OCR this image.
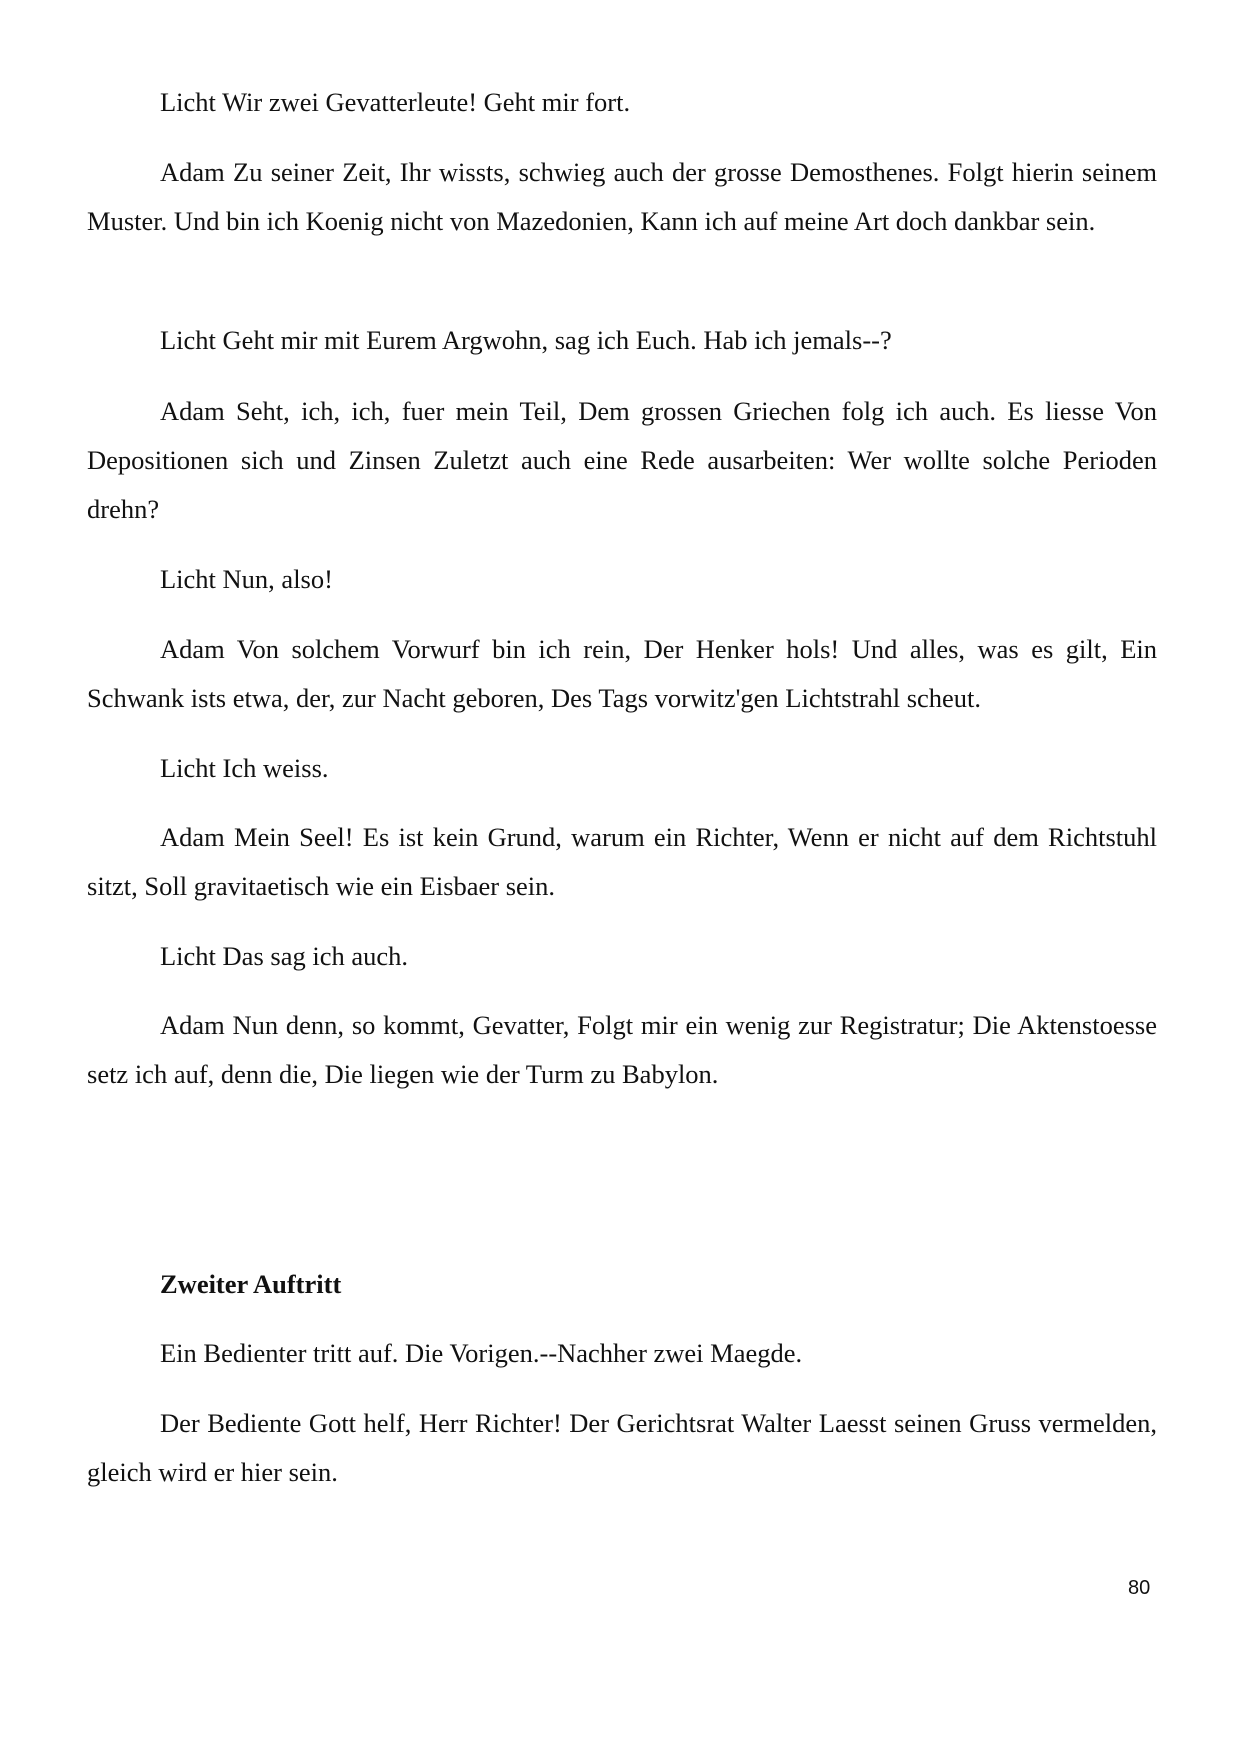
Licht Wir zwei Gevatterleute! Geht mir fort.

Adam Zu seiner Zeit, Ihr wissts, schwieg auch der grosse Demosthenes. Folgt hierin seinem Muster. Und bin ich Koenig nicht von Mazedonien, Kann ich auf meine Art doch dankbar sein.

Licht Geht mir mit Eurem Argwohn, sag ich Euch. Hab ich jemals--?

Adam Seht, ich, ich, fuer mein Teil, Dem grossen Griechen folg ich auch. Es liesse Von Depositionen sich und Zinsen Zuletzt auch eine Rede ausarbeiten: Wer wollte solche Perioden drehn?

Licht Nun, also!

Adam Von solchem Vorwurf bin ich rein, Der Henker hols! Und alles, was es gilt, Ein Schwank ists etwa, der, zur Nacht geboren, Des Tags vorwitz'gen Lichtstrahl scheut.

Licht Ich weiss.

Adam Mein Seel! Es ist kein Grund, warum ein Richter, Wenn er nicht auf dem Richtstuhl sitzt, Soll gravitaetisch wie ein Eisbaer sein.

Licht Das sag ich auch.

Adam Nun denn, so kommt, Gevatter, Folgt mir ein wenig zur Registratur; Die Aktenstoesse setz ich auf, denn die, Die liegen wie der Turm zu Babylon.

Zweiter Auftritt

Ein Bedienter tritt auf. Die Vorigen.--Nachher zwei Maegde.

Der Bediente Gott helf, Herr Richter! Der Gerichtsrat Walter Laesst seinen Gruss vermelden, gleich wird er hier sein.

80
